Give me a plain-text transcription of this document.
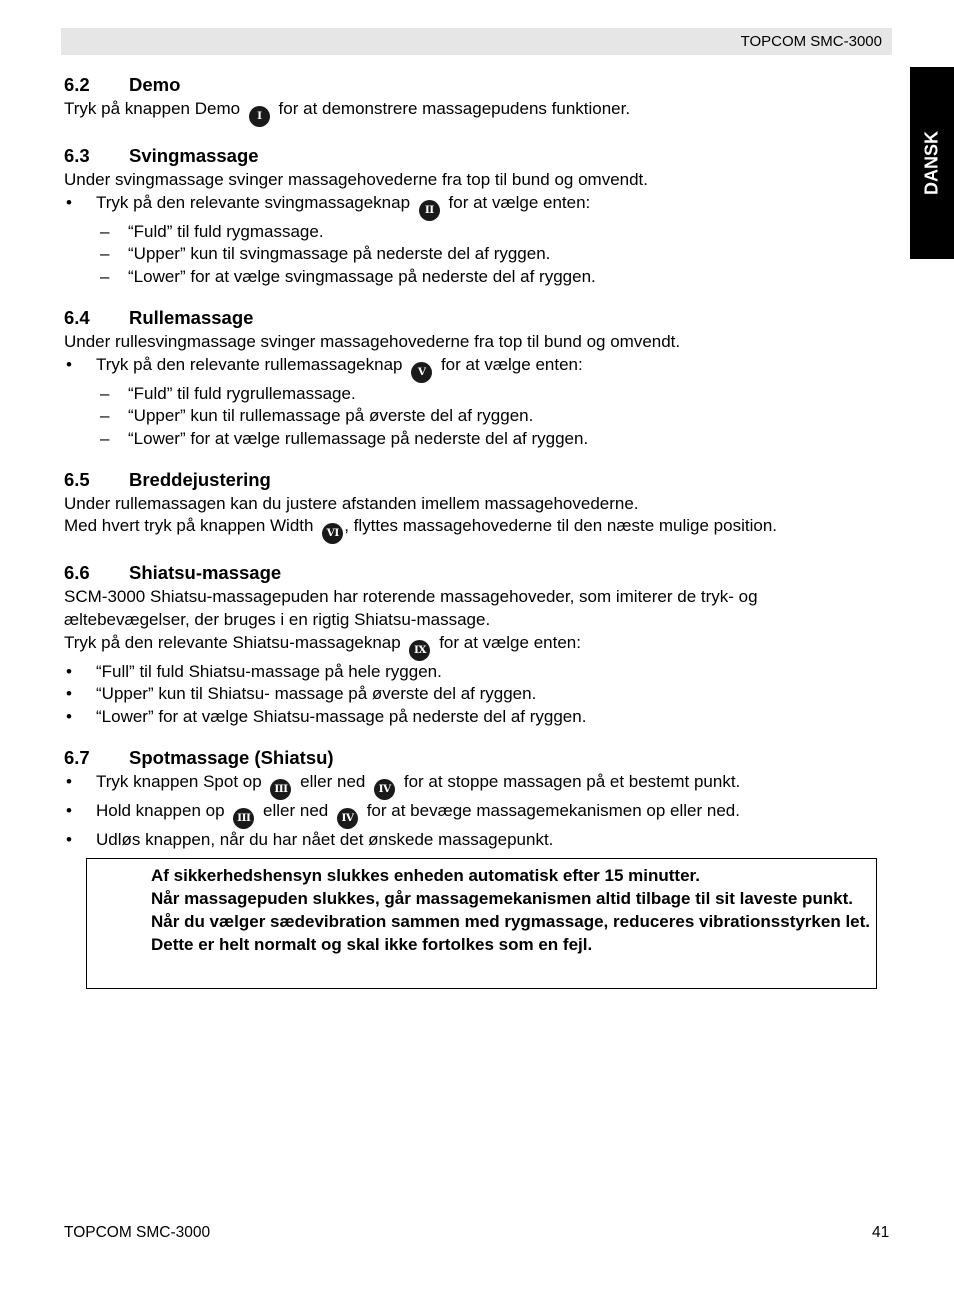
TOPCOM SMC-3000
DANSK
6.2	Demo
Tryk på knappen Demo I for at demonstrere massagepudens funktioner.
6.3	Svingmassage
Under svingmassage svinger massagehovederne fra top til bund og omvendt.
•	Tryk på den relevante svingmassageknap II for at vælge enten:
–	“Fuld” til fuld rygmassage.
–	“Upper” kun til svingmassage på nederste del af ryggen.
–	“Lower” for at vælge svingmassage på nederste del af ryggen.
6.4	Rullemassage
Under rullesvingmassage svinger massagehovederne fra top til bund og omvendt.
•	Tryk på den relevante rullemassageknap V for at vælge enten:
–	“Fuld” til fuld rygrullemassage.
–	“Upper” kun til rullemassage på øverste del af ryggen.
–	“Lower” for at vælge rullemassage på nederste del af ryggen.
6.5	Breddejustering
Under rullemassagen kan du justere afstanden imellem massagehovederne.
Med hvert tryk på knappen Width VI , flyttes massagehovederne til den næste mulige position.
6.6	Shiatsu-massage
SCM-3000 Shiatsu-massagepuden har roterende massagehoveder, som imiterer de tryk- og
æltebevægelser, der bruges i en rigtig Shiatsu-massage.
Tryk på den relevante Shiatsu-massageknap IX for at vælge enten:
•	“Full” til fuld Shiatsu-massage på hele ryggen.
•	“Upper” kun til Shiatsu- massage på øverste del af ryggen.
•	“Lower” for at vælge Shiatsu-massage på nederste del af ryggen.
6.7	Spotmassage (Shiatsu)
•	Tryk knappen Spot op III eller ned IV for at stoppe massagen på et bestemt punkt.
•	Hold knappen op III eller ned IV for at bevæge massagemekanismen op eller ned.
•	Udløs knappen, når du har nået det ønskede massagepunkt.

Af sikkerhedshensyn slukkes enheden automatisk efter 15 minutter.

Når massagepuden slukkes, går massagemekanismen altid tilbage til sit laveste punkt.

Når du vælger sædevibration sammen med rygmassage, reduceres vibrationsstyrken let. Dette er helt normalt og skal ikke fortolkes som en fejl.

TOPCOM SMC-3000	41
